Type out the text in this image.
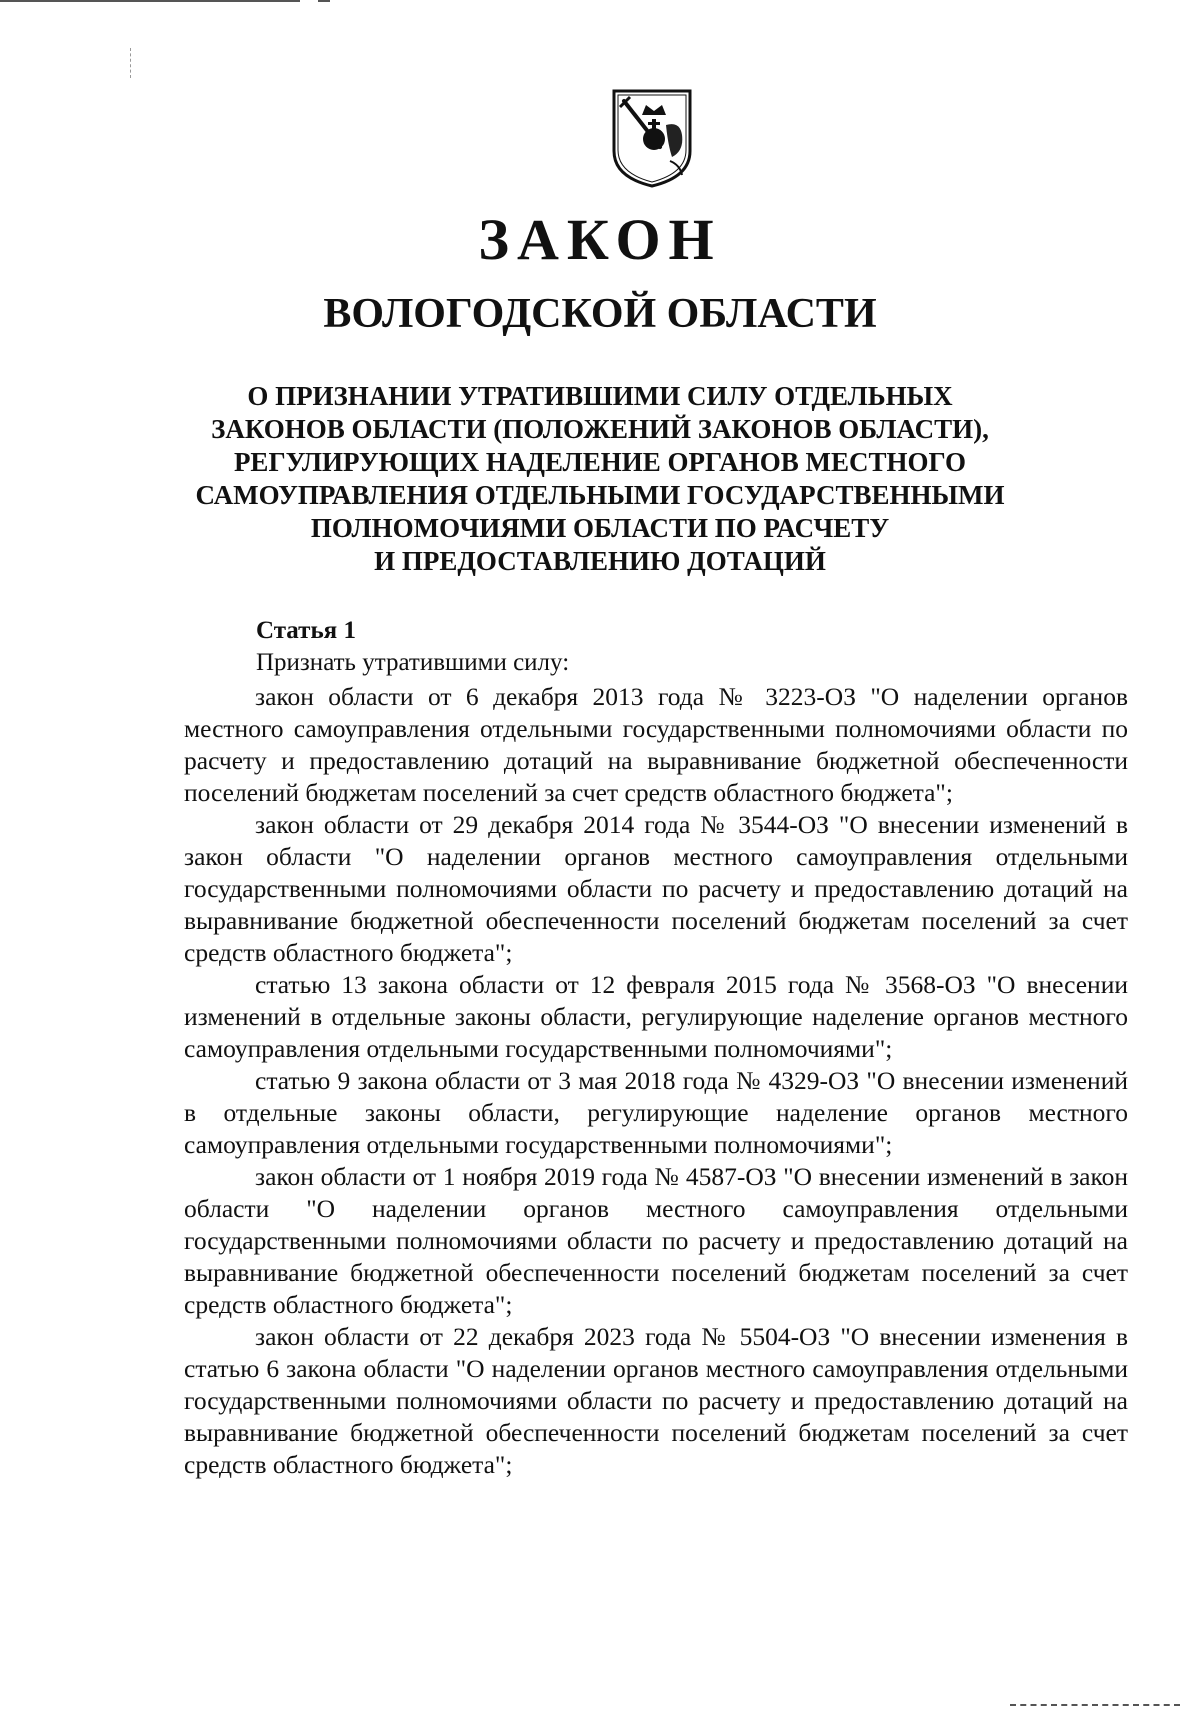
ЗАКОН
ВОЛОГОДСКОЙ ОБЛАСТИ
О ПРИЗНАНИИ УТРАТИВШИМИ СИЛУ ОТДЕЛЬНЫХ
ЗАКОНОВ ОБЛАСТИ (ПОЛОЖЕНИЙ ЗАКОНОВ ОБЛАСТИ),
РЕГУЛИРУЮЩИХ НАДЕЛЕНИЕ ОРГАНОВ МЕСТНОГО
САМОУПРАВЛЕНИЯ ОТДЕЛЬНЫМИ ГОСУДАРСТВЕННЫМИ
ПОЛНОМОЧИЯМИ ОБЛАСТИ ПО РАСЧЕТУ
И ПРЕДОСТАВЛЕНИЮ ДОТАЦИЙ
Статья 1
Признать утратившими силу:

закон области от 6 декабря 2013 года № 3223-ОЗ "О наделении органов местного самоуправления отдельными государственными полномочиями области по расчету и предоставлению дотаций на выравнивание бюджетной обеспеченности поселений бюджетам поселений за счет средств областного бюджета";

закон области от 29 декабря 2014 года № 3544-ОЗ "О внесении изменений в закон области "О наделении органов местного самоуправления отдельными государственными полномочиями области по расчету и предоставлению дотаций на выравнивание бюджетной обеспеченности поселений бюджетам поселений за счет средств областного бюджета";

статью 13 закона области от 12 февраля 2015 года № 3568-ОЗ "О внесении изменений в отдельные законы области, регулирующие наделение органов местного самоуправления отдельными государственными полномочиями";

статью 9 закона области от 3 мая 2018 года № 4329-ОЗ "О внесении изменений в отдельные законы области, регулирующие наделение органов местного самоуправления отдельными государственными полномочиями";

закон области от 1 ноября 2019 года № 4587-ОЗ "О внесении изменений в закон области "О наделении органов местного самоуправления отдельными государственными полномочиями области по расчету и предоставлению дотаций на выравнивание бюджетной обеспеченности поселений бюджетам поселений за счет средств областного бюджета";

закон области от 22 декабря 2023 года № 5504-ОЗ "О внесении изменения в статью 6 закона области "О наделении органов местного самоуправления отдельными государственными полномочиями области по расчету и предоставлению дотаций на выравнивание бюджетной обеспеченности поселений бюджетам поселений за счет средств областного бюджета";
